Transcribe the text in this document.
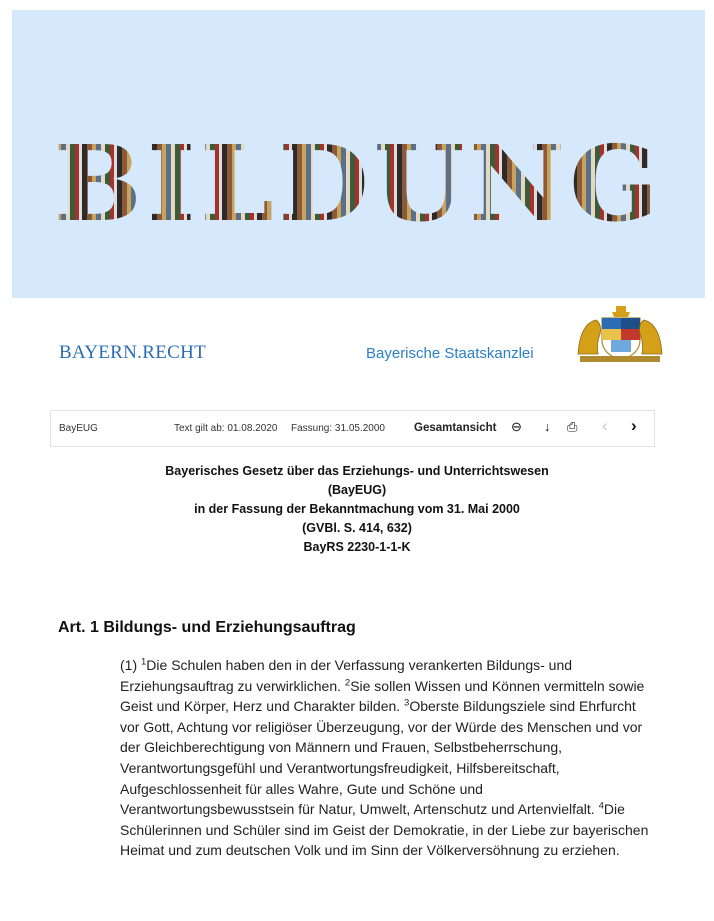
BILDUNG
BAYERN.RECHT	Bayerische Staatskanzlei
BayEUG	Text gilt ab: 01.08.2020 Fassung: 31.05.2000	Gesamtansicht ⊖ ↓ ⎙ ‹ ›
Bayerisches Gesetz über das Erziehungs- und Unterrichtswesen
(BayEUG)
in der Fassung der Bekanntmachung vom 31. Mai 2000
(GVBl. S. 414, 632)
BayRS 2230-1-1-K
Art. 1 Bildungs- und Erziehungsauftrag
(1) $^1$Die Schulen haben den in der Verfassung verankerten Bildungs- und Erziehungsauftrag zu verwirklichen. $^2$Sie sollen Wissen und Können vermitteln sowie Geist und Körper, Herz und Charakter bilden. $^3$Oberste Bildungsziele sind Ehrfurcht vor Gott, Achtung vor religiöser Überzeugung, vor der Würde des Menschen und vor der Gleichberechtigung von Männern und Frauen, Selbstbeherrschung, Verantwortungsgefühl und Verantwortungsfreudigkeit, Hilfsbereitschaft, Aufgeschlossenheit für alles Wahre, Gute und Schöne und Verantwortungsbewusstsein für Natur, Umwelt, Artenschutz und Artenvielfalt. $^4$Die Schülerinnen und Schüler sind im Geist der Demokratie, in der Liebe zur bayerischen Heimat und zum deutschen Volk und im Sinn der Völkerversöhnung zu erziehen.
